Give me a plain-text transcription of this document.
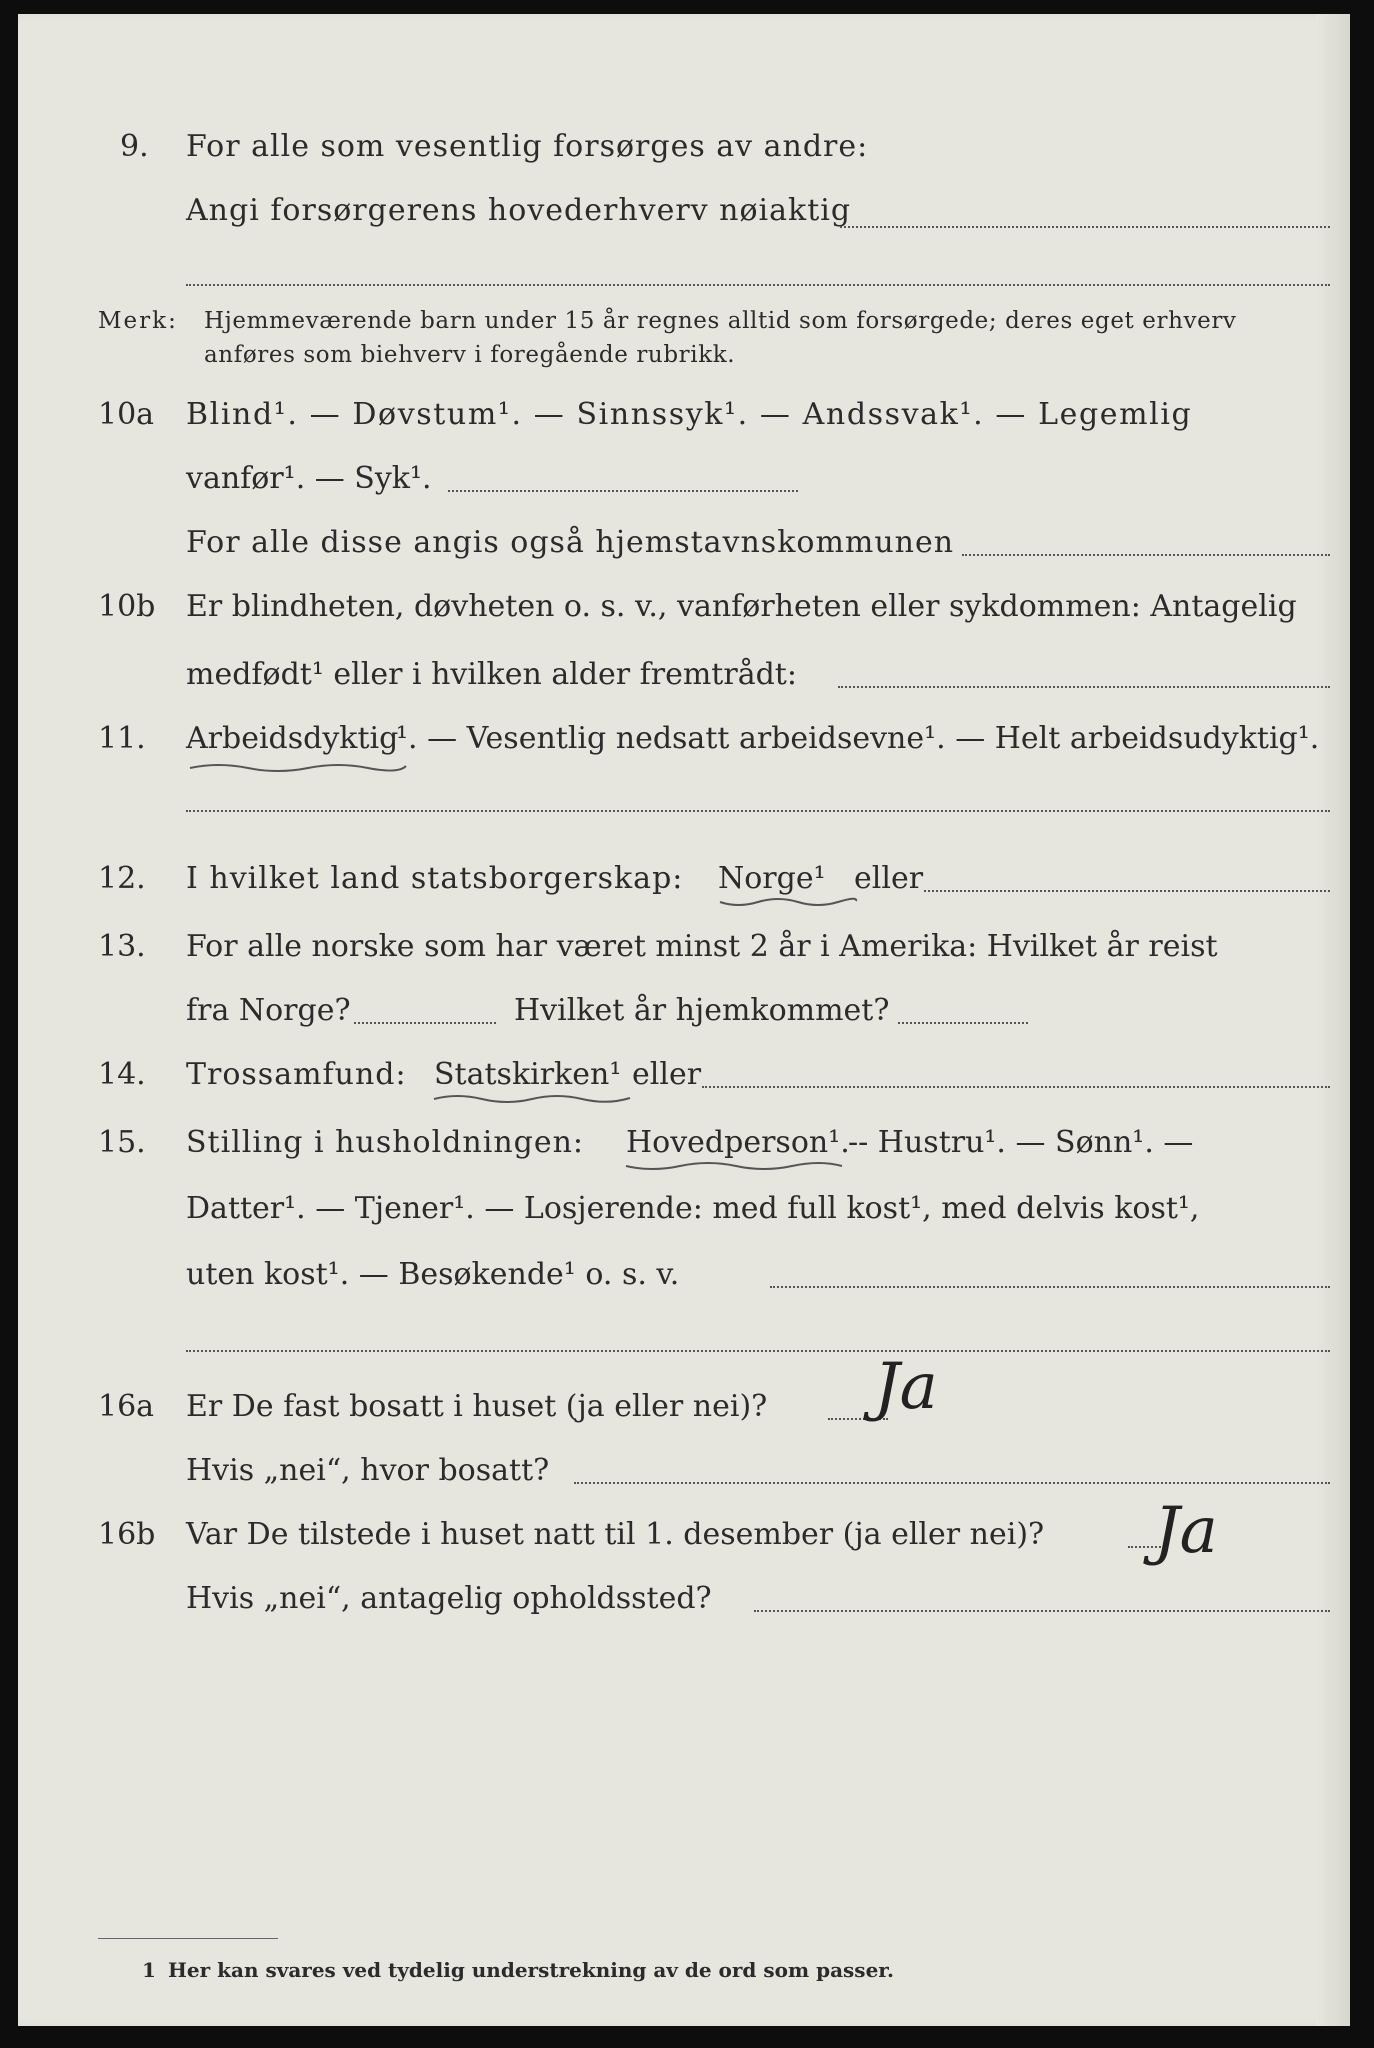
9. For alle som vesentlig forsørges av andre:
Angi forsørgerens hovederhverv nøiaktig
Merk: Hjemmeværende barn under 15 år regnes alltid som forsørgede; deres eget erhverv
anføres som biehverv i foregående rubrikk.
10a Blind¹. — Døvstum¹. — Sinnssyk¹. — Andssvak¹. — Legemlig
vanfør¹. — Syk¹.
For alle disse angis også hjemstavnskommunen
10b Er blindheten, døvheten o. s. v., vanførheten eller sykdommen: Antagelig
medfødt¹ eller i hvilken alder fremtrådt:
11. Arbeidsdyktig
¹. — Vesentlig nedsatt arbeidsevne¹. — Helt arbeidsudyktig¹.
12. I hvilket land statsborgerskap: Norge¹ eller
13. For alle norske som har været minst 2 år i Amerika: Hvilket år reist
fra Norge?	Hvilket år hjemkommet?
14. Trossamfund: Statskirken¹ eller
15. Stilling i husholdningen: Hovedperson¹.
-- Hustru¹. — Sønn¹. —
Datter¹. — Tjener¹. — Losjerende: med full kost¹, med delvis kost¹,
uten kost¹. — Besøkende¹ o. s. v.
16a Er De fast bosatt i huset (ja eller nei)? Ja
Hvis „nei“, hvor bosatt?
16b Var De tilstede i huset natt til 1. desember (ja eller nei)? Ja
Hvis „nei“, antagelig opholdssted?
1 Her kan svares ved tydelig understrekning av de ord som passer.
